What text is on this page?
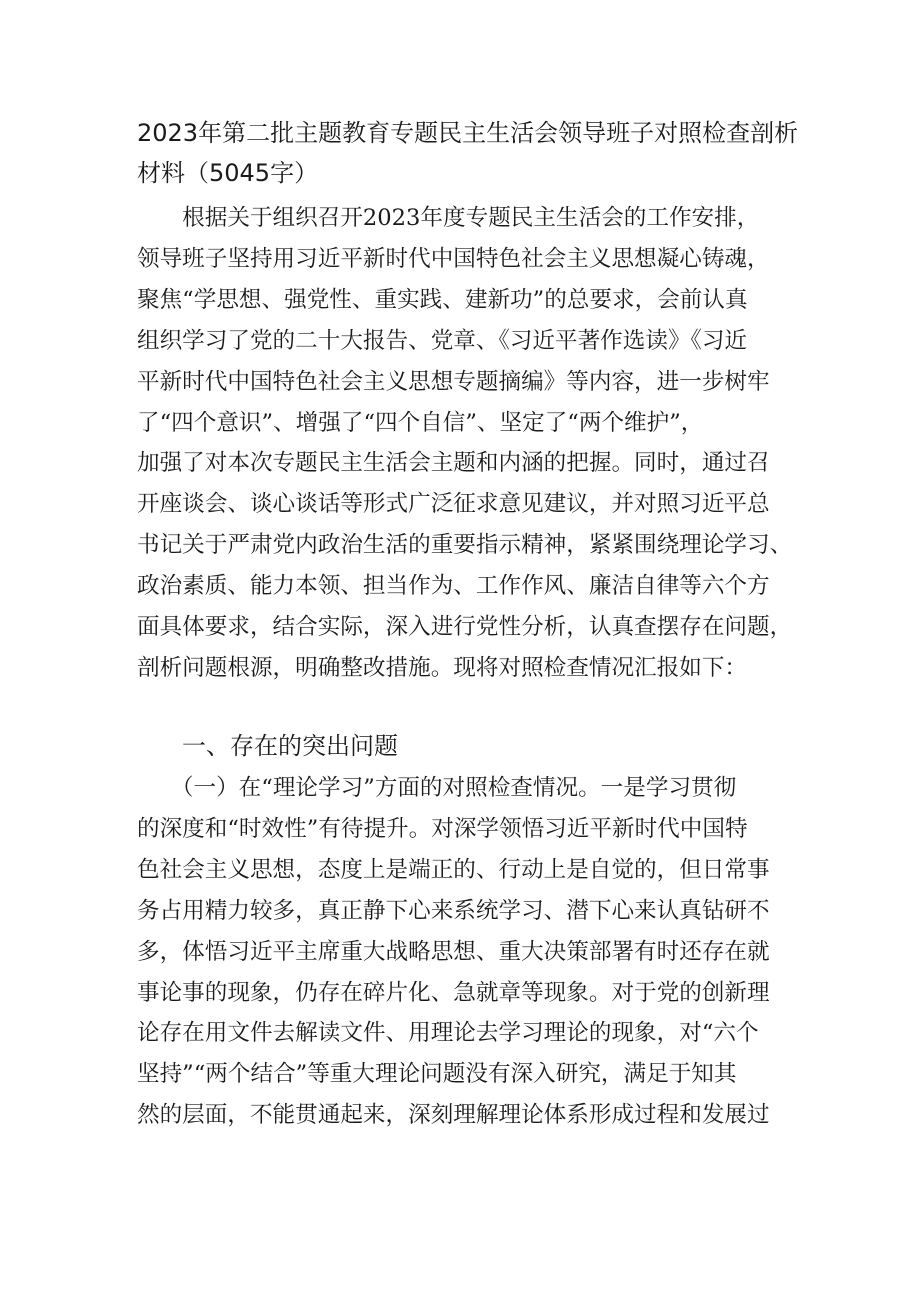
2023年第二批主题教育专题民主生活会领导班子对照检查剖析
材料（5045字）
　　根据关于组织召开2023年度专题民主生活会的工作安排，
领导班子坚持用习近平新时代中国特色社会主义思想凝心铸魂，
聚焦“学思想、强党性、重实践、建新功”的总要求，会前认真
组织学习了党的二十大报告、党章、《习近平著作选读》《习近
平新时代中国特色社会主义思想专题摘编》等内容，进一步树牢
了“四个意识”、增强了“四个自信”、坚定了“两个维护”，
加强了对本次专题民主生活会主题和内涵的把握。同时，通过召
开座谈会、谈心谈话等形式广泛征求意见建议，并对照习近平总
书记关于严肃党内政治生活的重要指示精神，紧紧围绕理论学习、
政治素质、能力本领、担当作为、工作作风、廉洁自律等六个方
面具体要求，结合实际，深入进行党性分析，认真查摆存在问题，
剖析问题根源，明确整改措施。现将对照检查情况汇报如下：
一、存在的突出问题
　　（一）在“理论学习”方面的对照检查情况。一是学习贯彻
的深度和“时效性”有待提升。对深学领悟习近平新时代中国特
色社会主义思想，态度上是端正的、行动上是自觉的，但日常事
务占用精力较多，真正静下心来系统学习、潜下心来认真钻研不
多，体悟习近平主席重大战略思想、重大决策部署有时还存在就
事论事的现象，仍存在碎片化、急就章等现象。对于党的创新理
论存在用文件去解读文件、用理论去学习理论的现象，对“六个
坚持”“两个结合”等重大理论问题没有深入研究，满足于知其
然的层面，不能贯通起来，深刻理解理论体系形成过程和发展过
